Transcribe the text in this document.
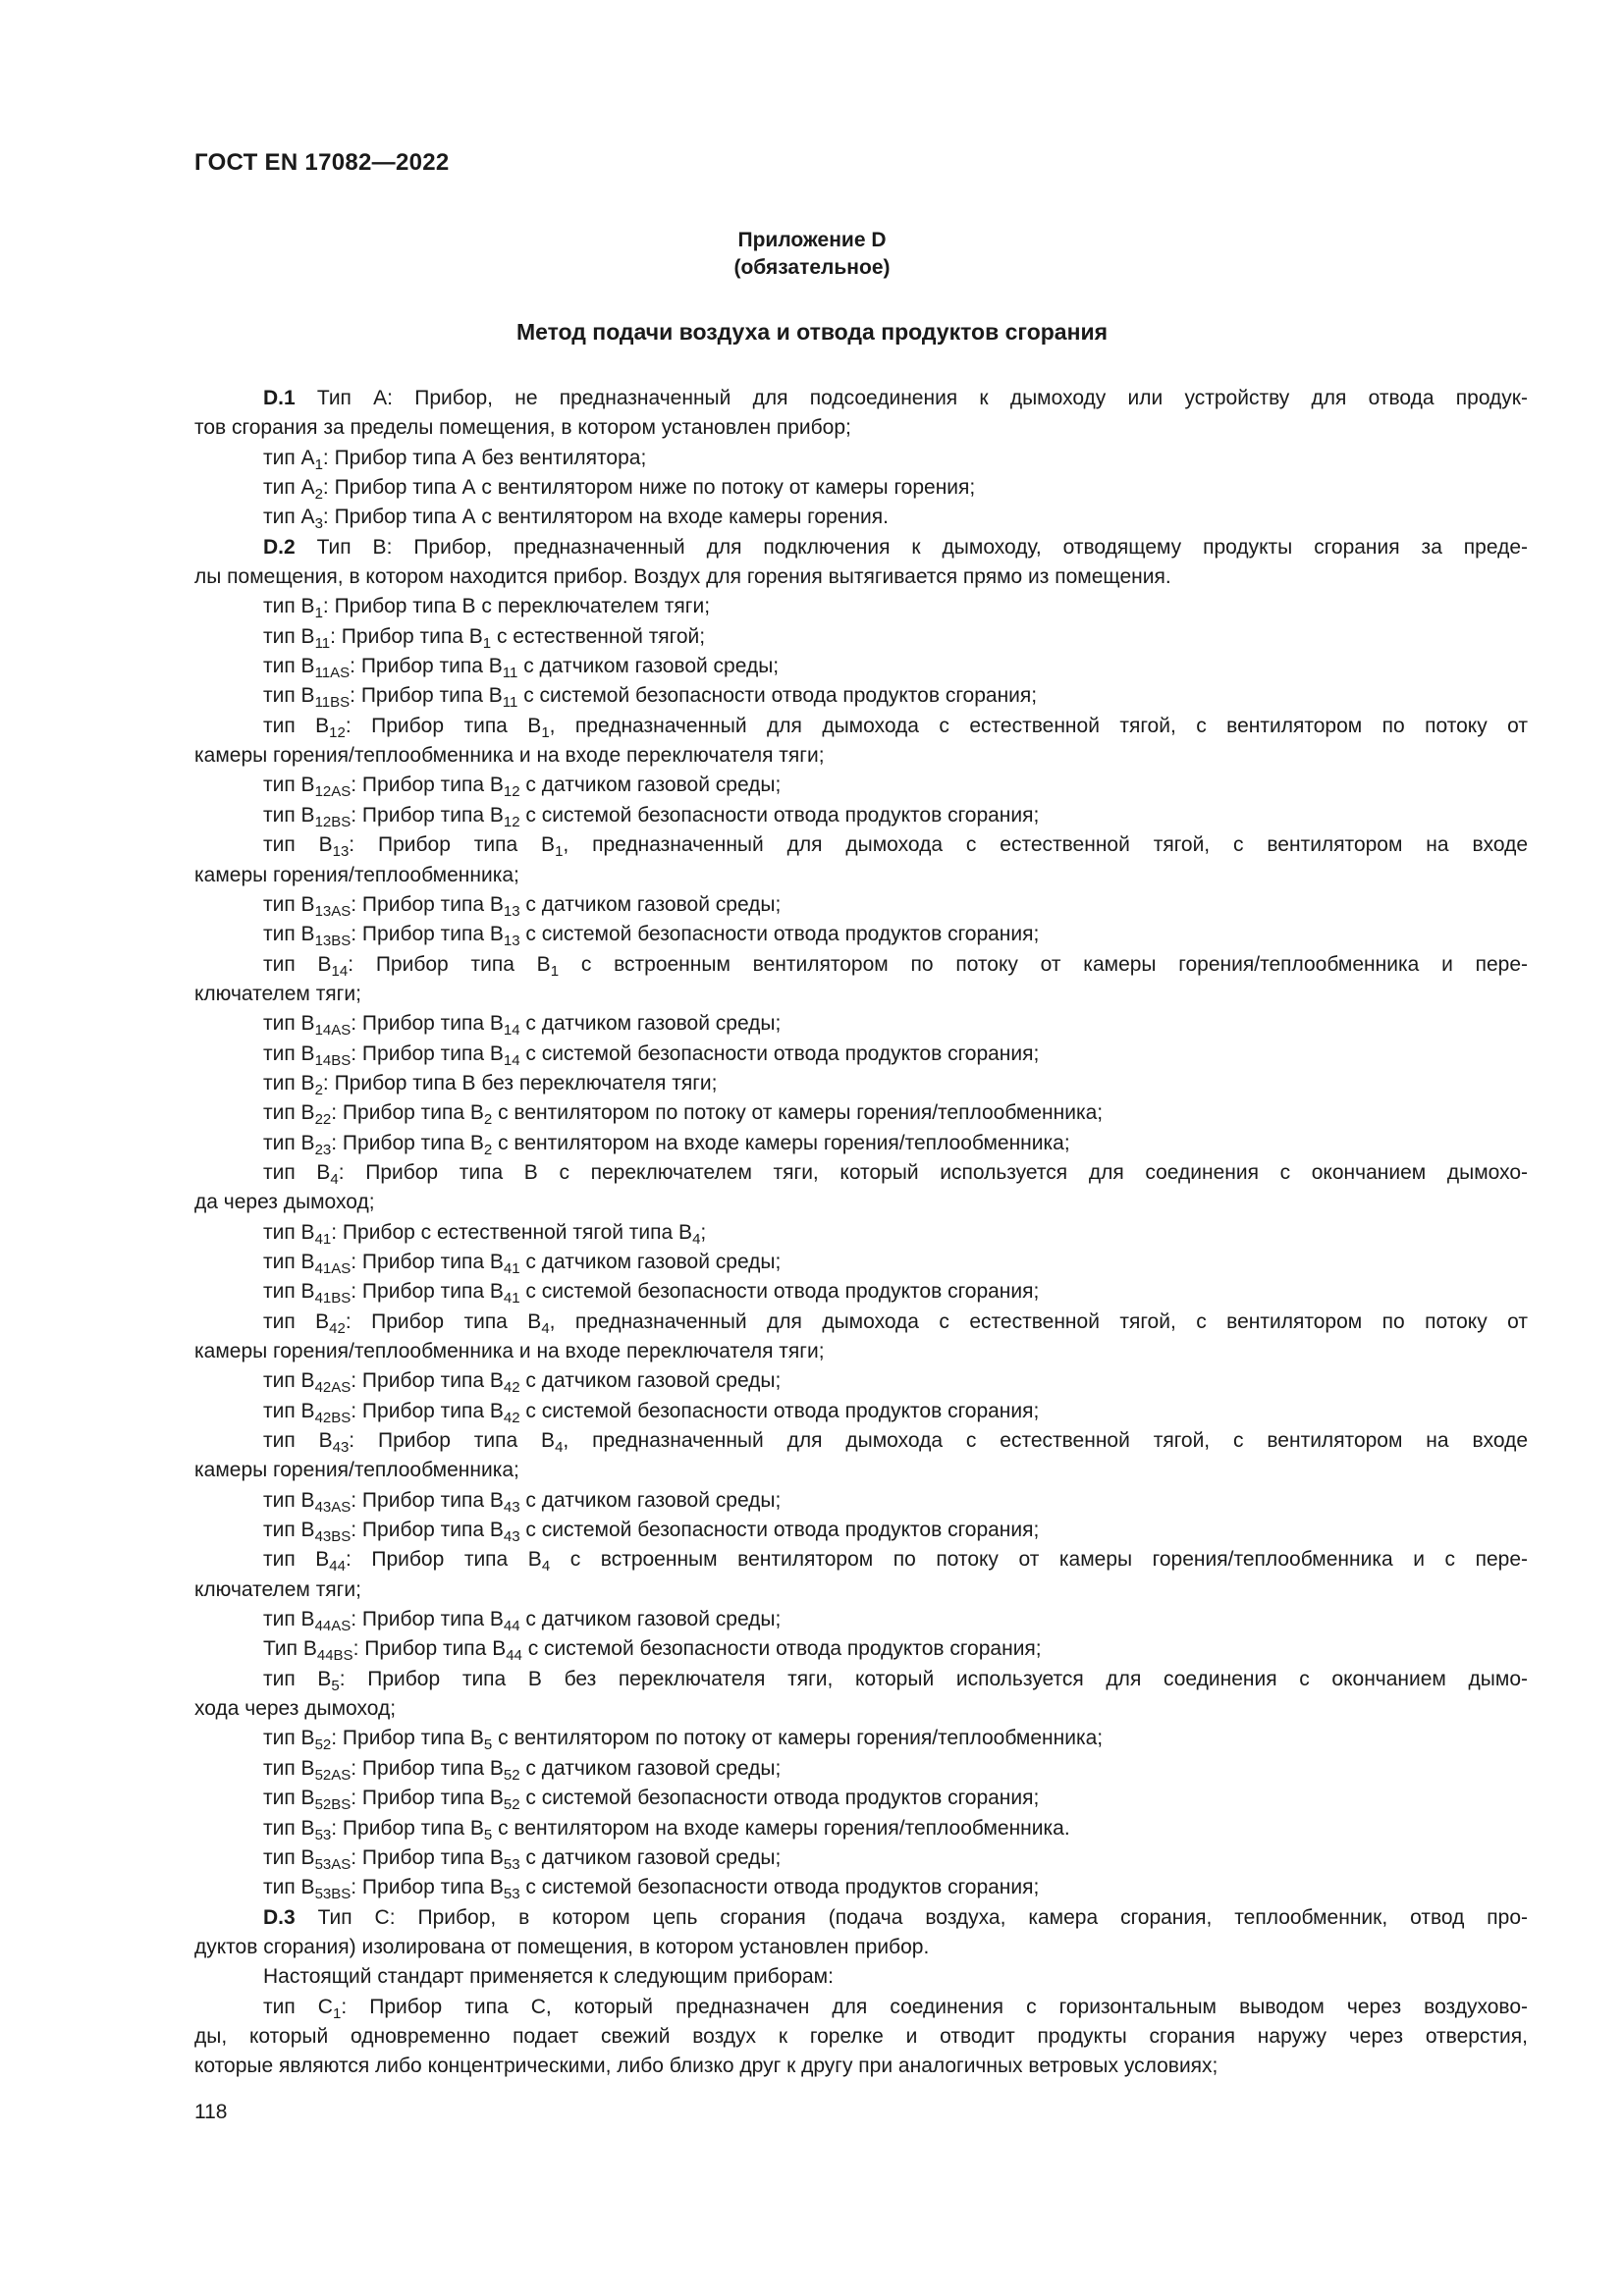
ГОСТ EN 17082—2022
Приложение D
(обязательное)
Метод подачи воздуха и отвода продуктов сгорания
D.1 Тип А: Прибор, не предназначенный для подсоединения к дымоходу или устройству для отвода продук-
тов сгорания за пределы помещения, в котором установлен прибор;
тип $А_1$: Прибор типа А без вентилятора;
тип $А_2$: Прибор типа А с вентилятором ниже по потоку от камеры горения;
тип $А_3$: Прибор типа А с вентилятором на входе камеры горения.
D.2 Тип В: Прибор, предназначенный для подключения к дымоходу, отводящему продукты сгорания за преде-
лы помещения, в котором находится прибор. Воздух для горения вытягивается прямо из помещения.
тип $В_1$: Прибор типа В с переключателем тяги;
тип $В_{11}$: Прибор типа $В_1$ с естественной тягой;
тип $В_{11AS}$: Прибор типа $В_{11}$ с датчиком газовой среды;
тип $В_{11BS}$: Прибор типа $В_{11}$ с системой безопасности отвода продуктов сгорания;
тип $В_{12}$: Прибор типа $В_1$, предназначенный для дымохода с естественной тягой, с вентилятором по потоку от
камеры горения/теплообменника и на входе переключателя тяги;
тип $В_{12AS}$: Прибор типа $В_{12}$ с датчиком газовой среды;
тип $В_{12BS}$: Прибор типа $В_{12}$ с системой безопасности отвода продуктов сгорания;
тип $В_{13}$: Прибор типа $В_1$, предназначенный для дымохода с естественной тягой, с вентилятором на входе
камеры горения/теплообменника;
тип $В_{13AS}$: Прибор типа $В_{13}$ с датчиком газовой среды;
тип $В_{13BS}$: Прибор типа $В_{13}$ с системой безопасности отвода продуктов сгорания;
тип $В_{14}$: Прибор типа $В_1$ с встроенным вентилятором по потоку от камеры горения/теплообменника и пере-
ключателем тяги;
тип $В_{14AS}$: Прибор типа $В_{14}$ с датчиком газовой среды;
тип $В_{14BS}$: Прибор типа $В_{14}$ с системой безопасности отвода продуктов сгорания;
тип $В_2$: Прибор типа В без переключателя тяги;
тип $В_{22}$: Прибор типа $В_2$ с вентилятором по потоку от камеры горения/теплообменника;
тип $В_{23}$: Прибор типа $В_2$ с вентилятором на входе камеры горения/теплообменника;
тип $В_4$: Прибор типа В с переключателем тяги, который используется для соединения с окончанием дымохо-
да через дымоход;
тип $В_{41}$: Прибор с естественной тягой типа $В_4$;
тип $В_{41AS}$: Прибор типа $В_{41}$ с датчиком газовой среды;
тип $В_{41BS}$: Прибор типа $В_{41}$ с системой безопасности отвода продуктов сгорания;
тип $В_{42}$: Прибор типа $В_4$, предназначенный для дымохода с естественной тягой, с вентилятором по потоку от
камеры горения/теплообменника и на входе переключателя тяги;
тип $В_{42AS}$: Прибор типа $В_{42}$ с датчиком газовой среды;
тип $В_{42BS}$: Прибор типа $В_{42}$ с системой безопасности отвода продуктов сгорания;
тип $В_{43}$: Прибор типа $В_4$, предназначенный для дымохода с естественной тягой, с вентилятором на входе
камеры горения/теплообменника;
тип $В_{43AS}$: Прибор типа $В_{43}$ с датчиком газовой среды;
тип $В_{43BS}$: Прибор типа $В_{43}$ с системой безопасности отвода продуктов сгорания;
тип $В_{44}$: Прибор типа $В_4$ с встроенным вентилятором по потоку от камеры горения/теплообменника и с пере-
ключателем тяги;
тип $В_{44AS}$: Прибор типа $В_{44}$ с датчиком газовой среды;
Тип $В_{44BS}$: Прибор типа $В_{44}$ с системой безопасности отвода продуктов сгорания;
тип $В_5$: Прибор типа В без переключателя тяги, который используется для соединения с окончанием дымо-
хода через дымоход;
тип $В_{52}$: Прибор типа $В_5$ с вентилятором по потоку от камеры горения/теплообменника;
тип $В_{52AS}$: Прибор типа $В_{52}$ с датчиком газовой среды;
тип $В_{52BS}$: Прибор типа $В_{52}$ с системой безопасности отвода продуктов сгорания;
тип $В_{53}$: Прибор типа $В_5$ с вентилятором на входе камеры горения/теплообменника.
тип $В_{53AS}$: Прибор типа $В_{53}$ с датчиком газовой среды;
тип $В_{53BS}$: Прибор типа $В_{53}$ с системой безопасности отвода продуктов сгорания;
D.3 Тип С: Прибор, в котором цепь сгорания (подача воздуха, камера сгорания, теплообменник, отвод про-
дуктов сгорания) изолирована от помещения, в котором установлен прибор.
Настоящий стандарт применяется к следующим приборам:
тип $С_1$: Прибор типа С, который предназначен для соединения с горизонтальным выводом через воздухово-
ды, который одновременно подает свежий воздух к горелке и отводит продукты сгорания наружу через отверстия,
которые являются либо концентрическими, либо близко друг к другу при аналогичных ветровых условиях;
118
